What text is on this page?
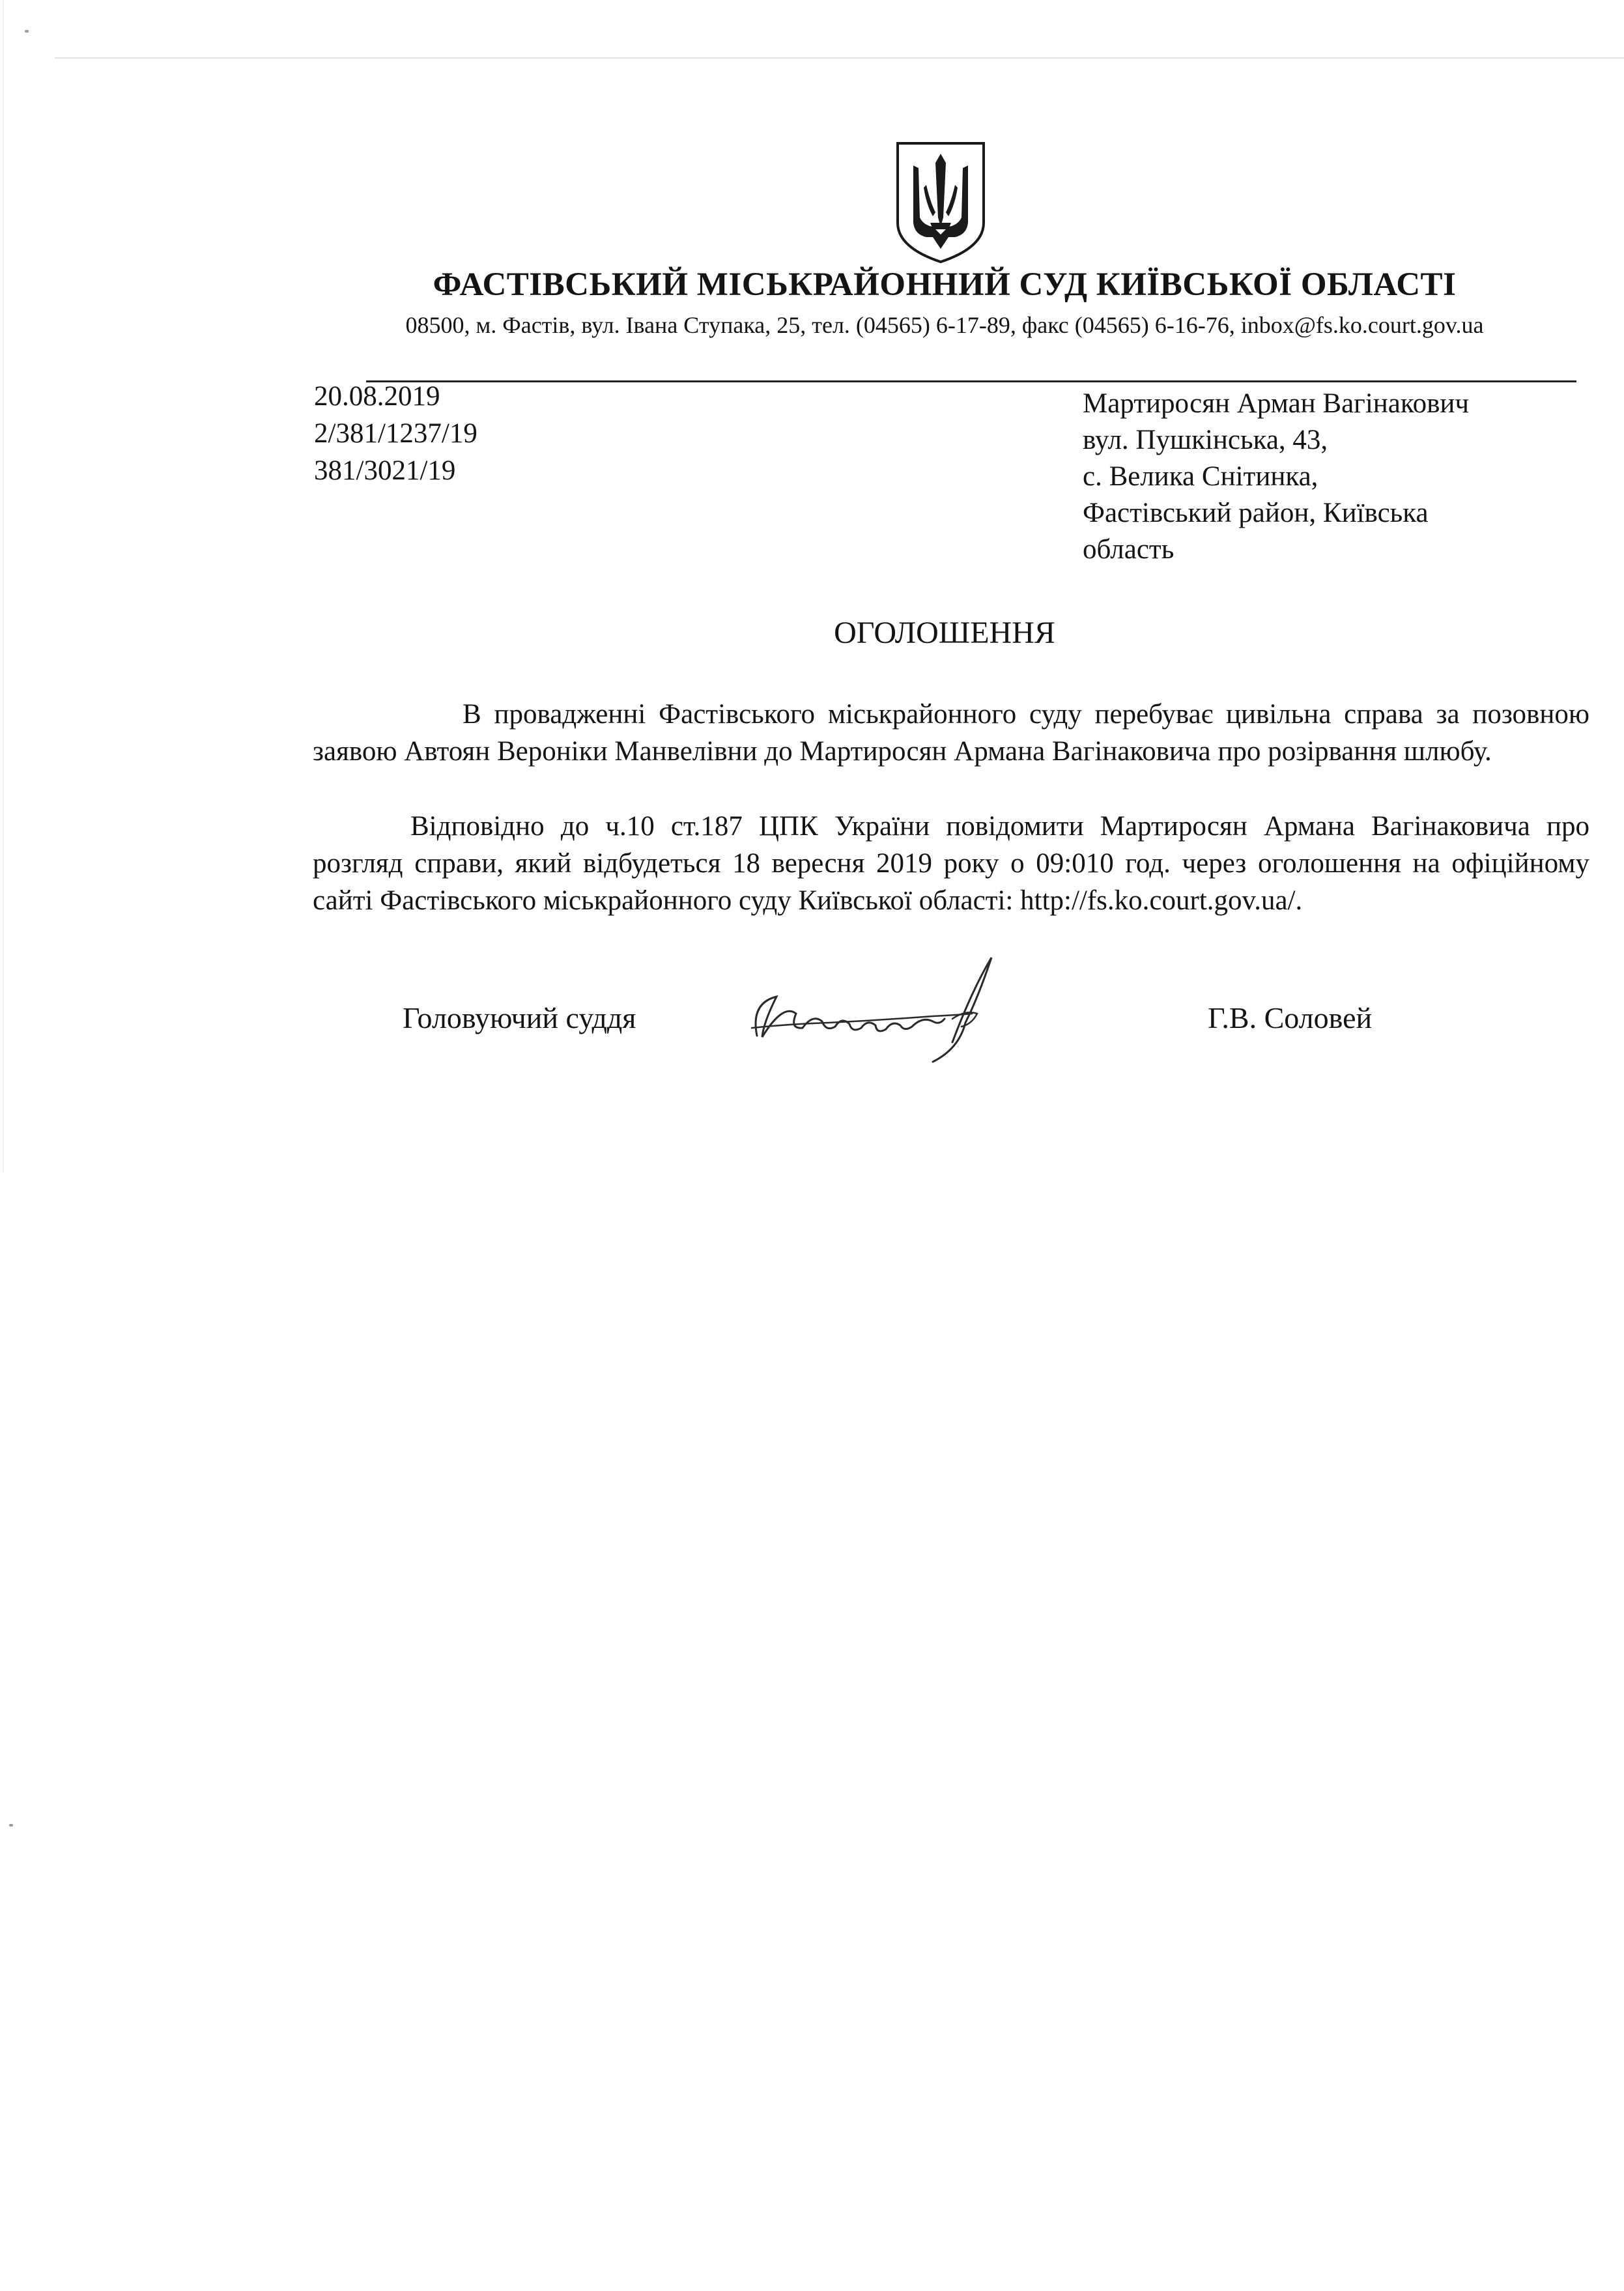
ФАСТІВСЬКИЙ МІСЬКРАЙОННИЙ СУД КИЇВСЬКОЇ ОБЛАСТІ
08500, м. Фастів, вул. Івана Ступака, 25, тел. (04565) 6-17-89, факс (04565) 6-16-76, inbox@fs.ko.court.gov.ua
20.08.2019
2/381/1237/19
381/3021/19
Мартиросян Арман Вагінакович
вул. Пушкінська, 43,
с. Велика Снітинка,
Фастівський район, Київська
область
ОГОЛОШЕННЯ
В провадженні Фастівського міськрайонного суду перебуває цивільна справа за позовною заявою Автоян Вероніки Манвелівни до Мартиросян Армана Вагінаковича про розірвання шлюбу.
Відповідно до ч.10 ст.187 ЦПК України повідомити Мартиросян Армана Вагінаковича про розгляд справи, який відбудеться 18 вересня 2019 року о 09:010 год. через оголошення на офіційному сайті Фастівського міськрайонного суду Київської області: http://fs.ko.court.gov.ua/.
Головуючий суддя	Г.В. Соловей
